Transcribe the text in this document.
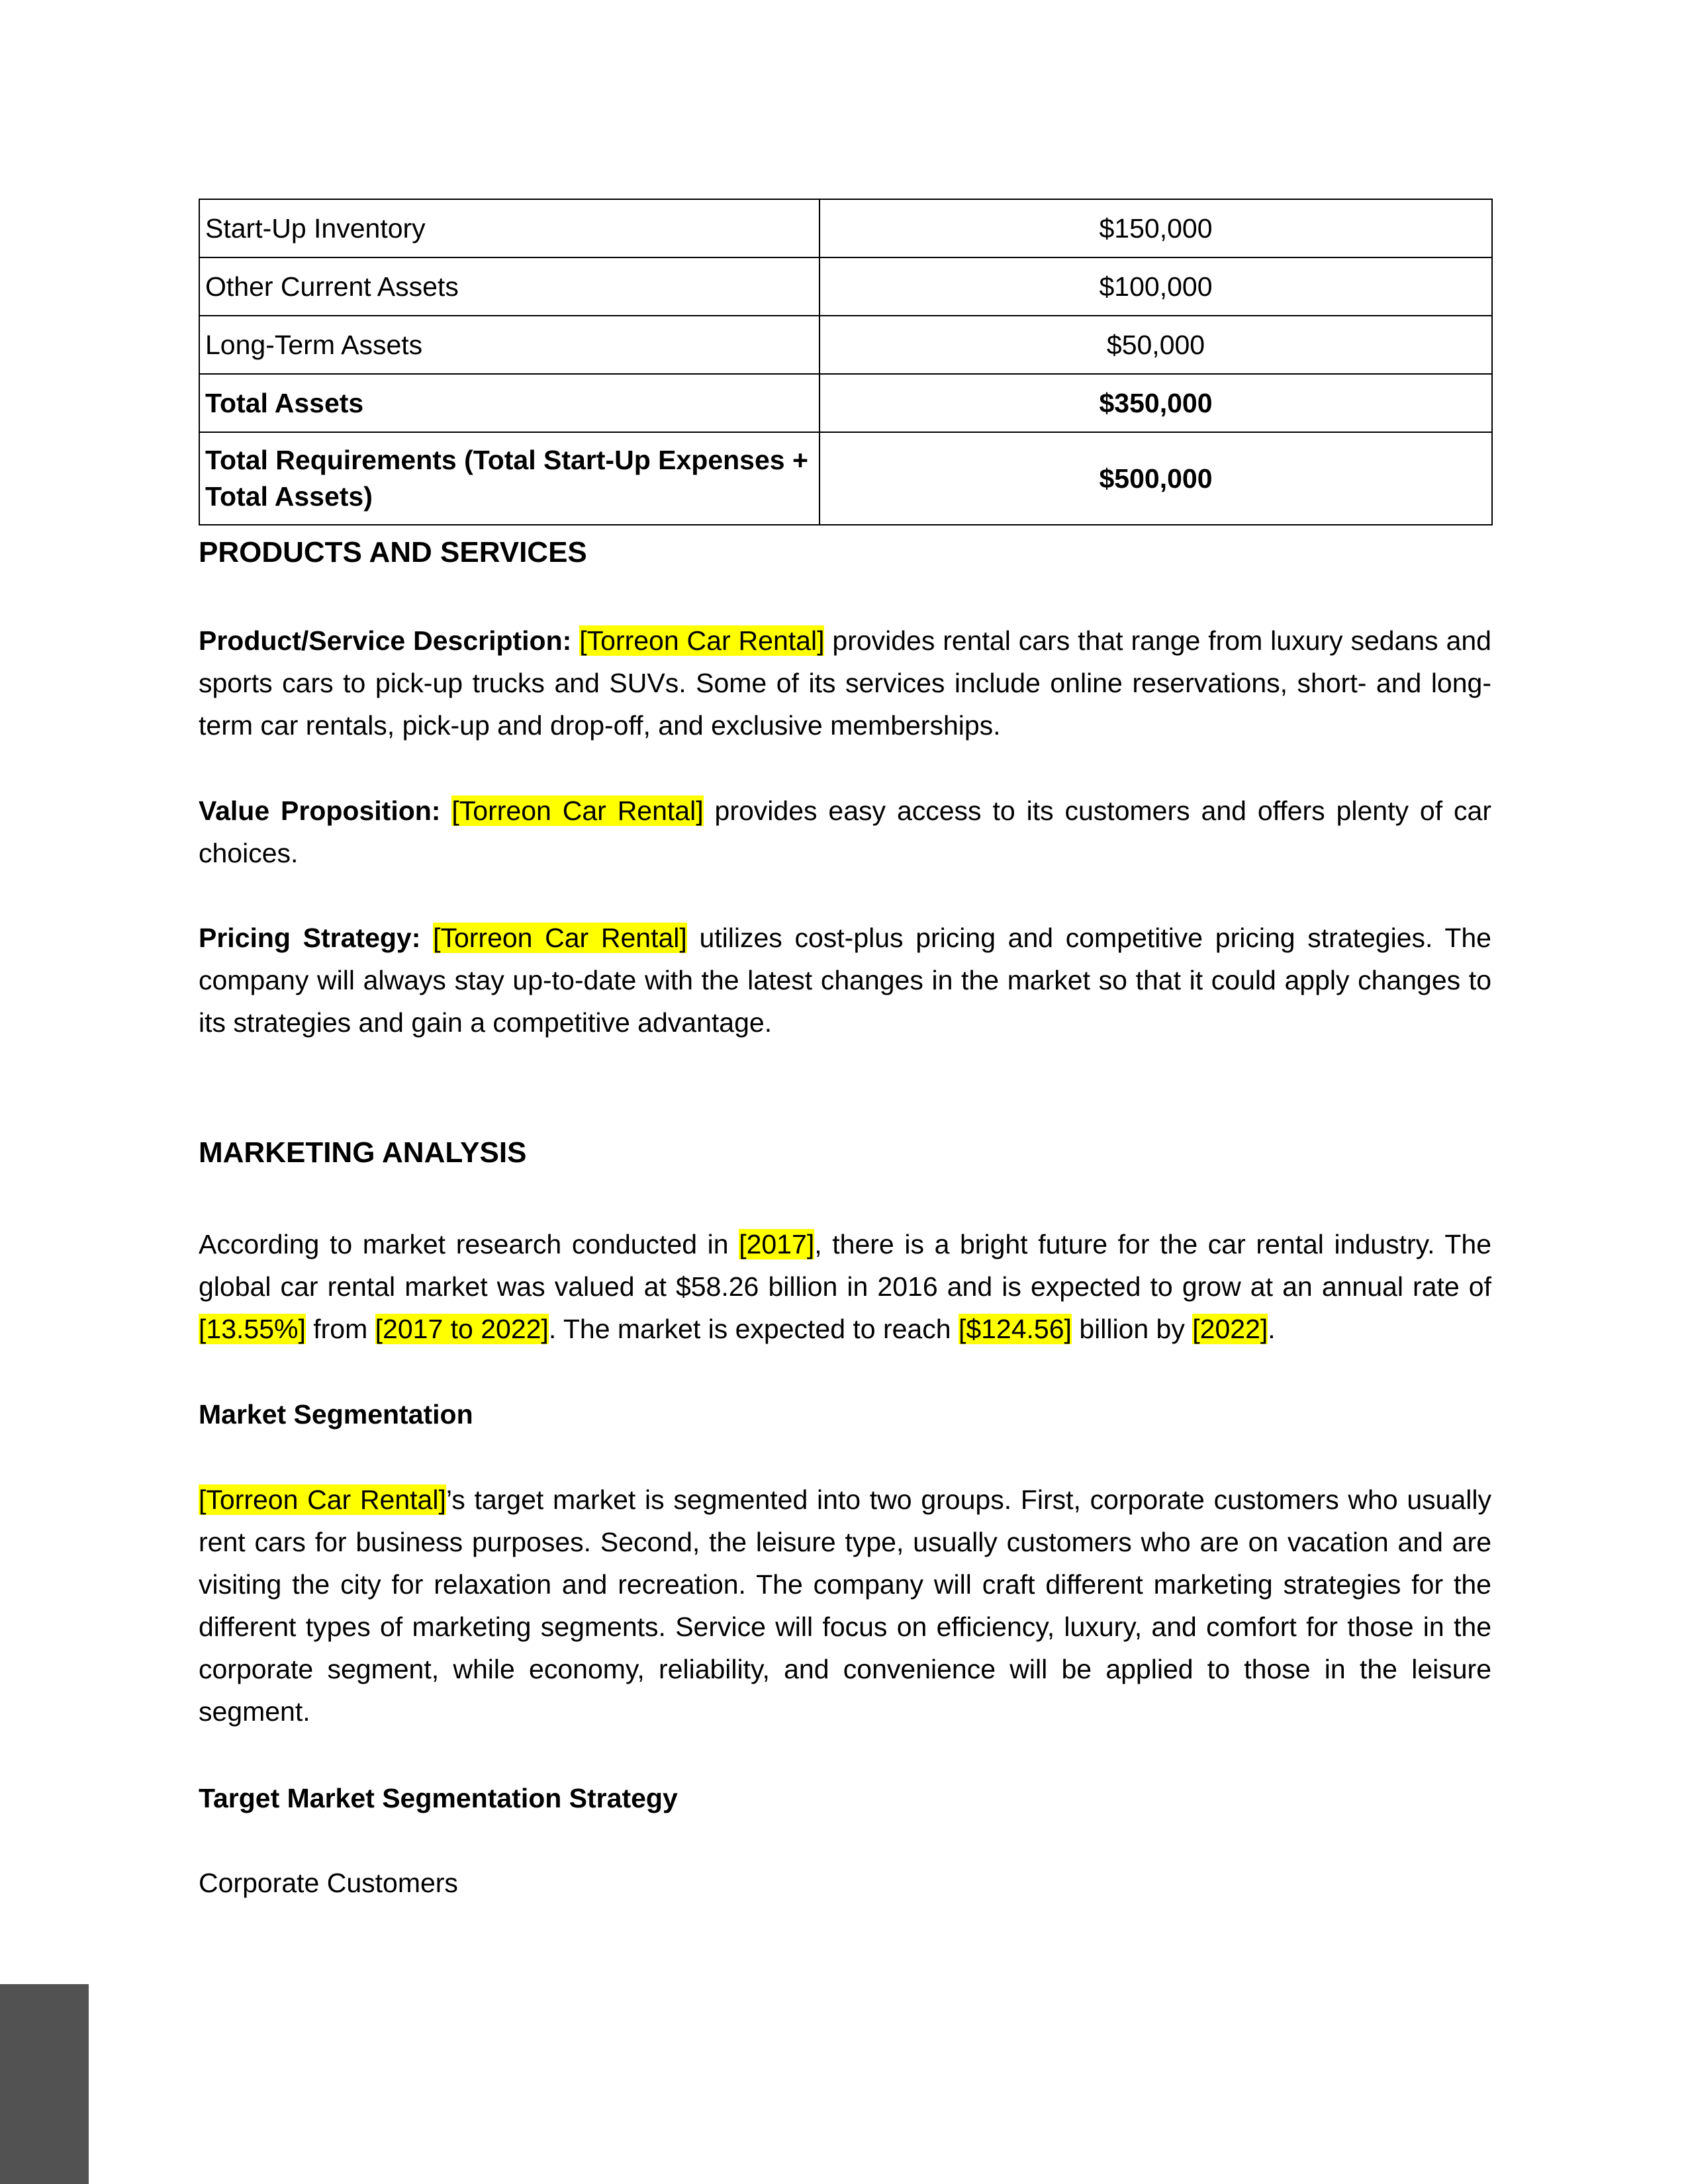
Start-Up Inventory	$150,000
Other Current Assets	$100,000
Long-Term Assets	$50,000
Total Assets	$350,000
Total Requirements (Total Start-Up Expenses + Total Assets)	$500,000
PRODUCTS AND SERVICES

Product/Service Description: [Torreon Car Rental] provides rental cars that range from luxury sedans and sports cars to pick-up trucks and SUVs. Some of its services include online reservations, short- and long-term car rentals, pick-up and drop-off, and exclusive memberships.

Value Proposition: [Torreon Car Rental] provides easy access to its customers and offers plenty of car choices.

Pricing Strategy: [Torreon Car Rental] utilizes cost-plus pricing and competitive pricing strategies. The company will always stay up-to-date with the latest changes in the market so that it could apply changes to its strategies and gain a competitive advantage.

MARKETING ANALYSIS

According to market research conducted in [2017], there is a bright future for the car rental industry. The global car rental market was valued at $58.26 billion in 2016 and is expected to grow at an annual rate of [13.55%] from [2017 to 2022]. The market is expected to reach [$124.56] billion by [2022].

Market Segmentation

[Torreon Car Rental]’s target market is segmented into two groups. First, corporate customers who usually rent cars for business purposes. Second, the leisure type, usually customers who are on vacation and are visiting the city for relaxation and recreation. The company will craft different marketing strategies for the different types of marketing segments. Service will focus on efficiency, luxury, and comfort for those in the corporate segment, while economy, reliability, and convenience will be applied to those in the leisure segment.

Target Market Segmentation Strategy

Corporate Customers
